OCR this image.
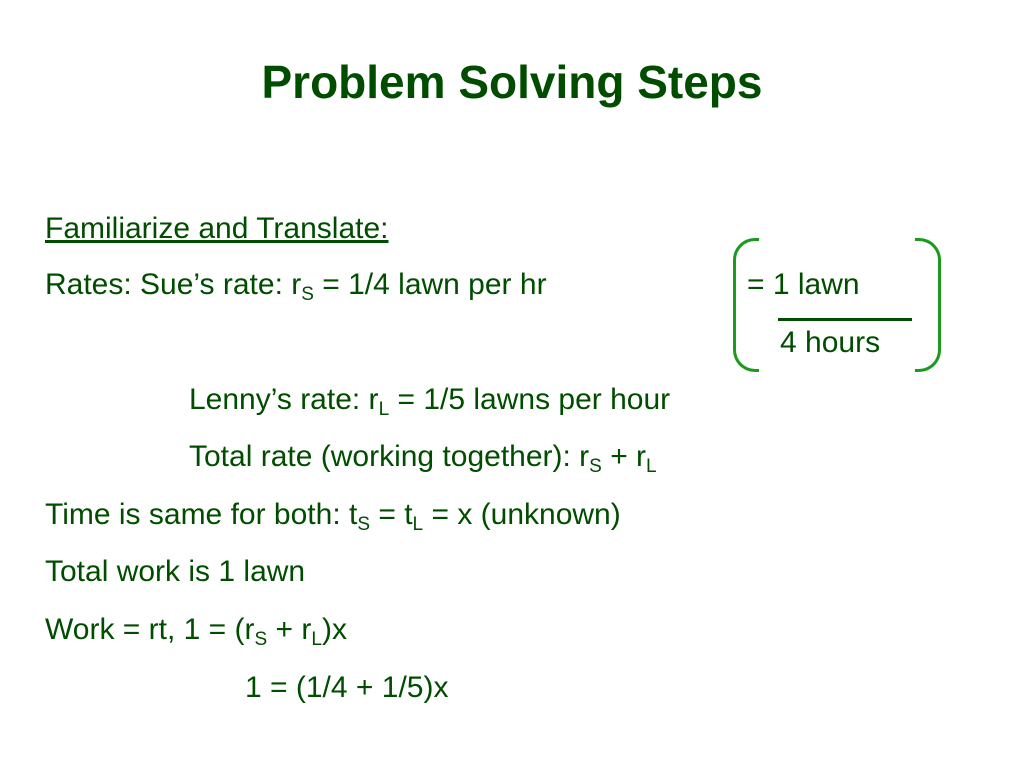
Problem Solving Steps
Familiarize and Translate:
Rates: Sue’s rate: $r_S = 1/4$ lawn per hr	= 1 lawn
4 hours
Lenny’s rate: $r_L = 1/5$ lawns per hour
Total rate (working together): $r_S + r_L$
Time is same for both: $t_S = t_L = x$ (unknown)
Total work is 1 lawn
Work = rt, $1 = (r_S + r_L)x$
1 = (1/4 + 1/5)x
